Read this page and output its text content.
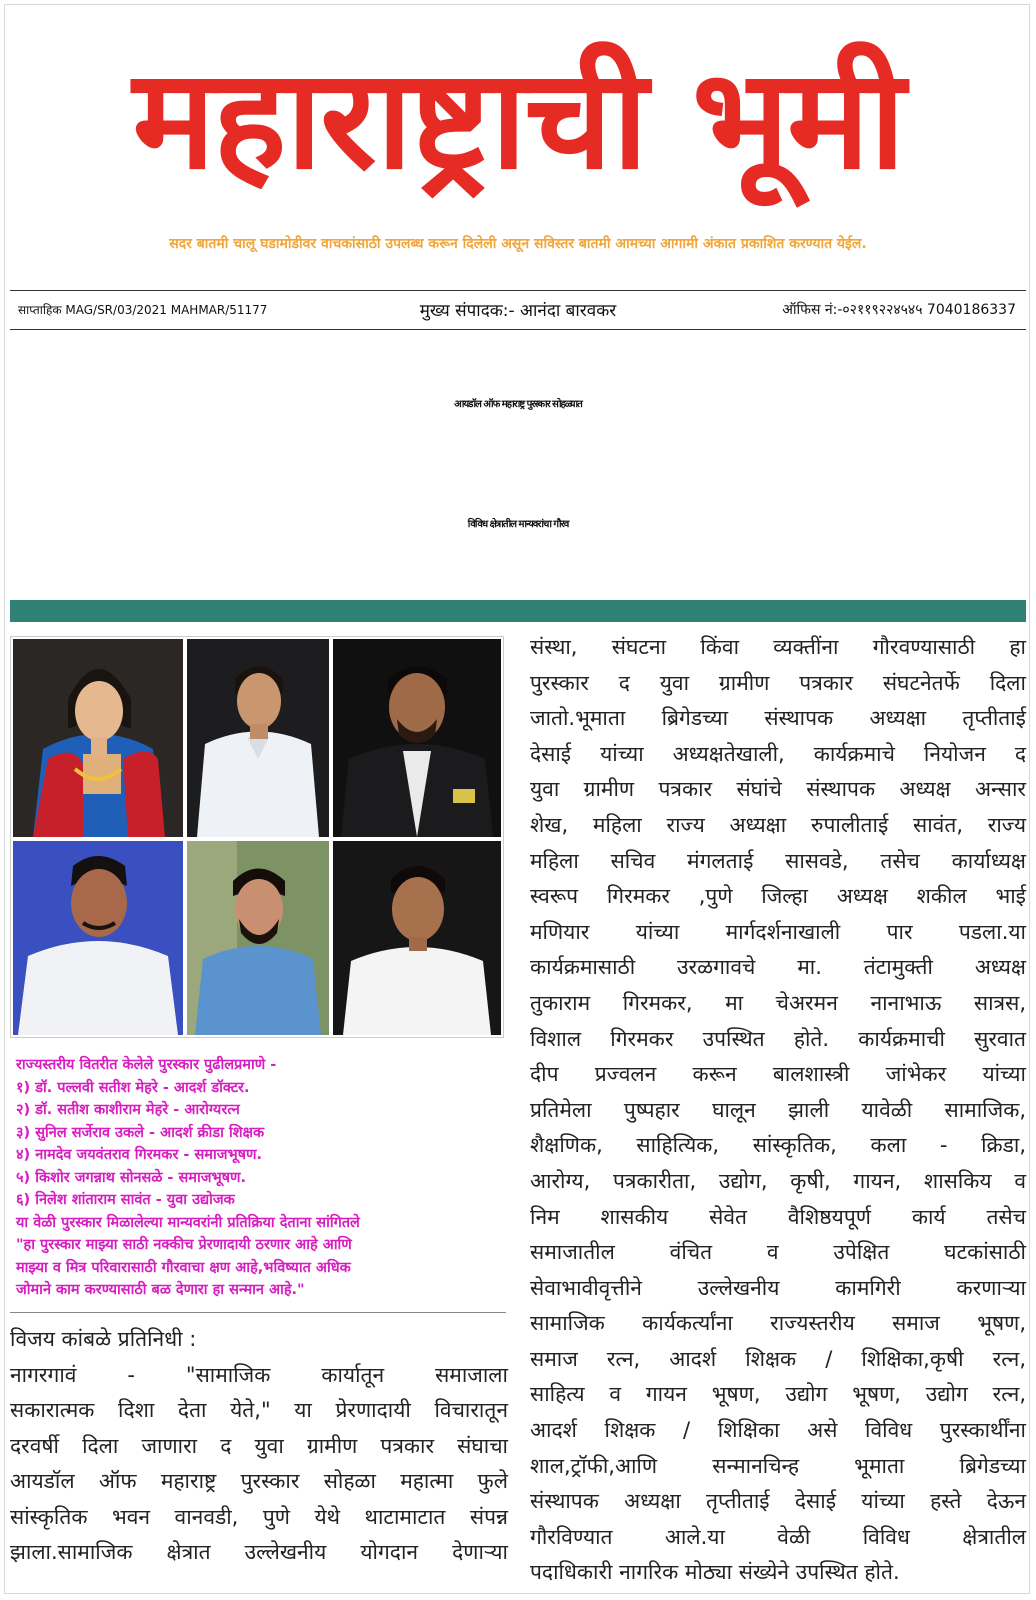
महाराष्ट्राची भूमी
सदर बातमी चालू घडामोडीवर वाचकांसाठी उपलब्ध करून दिलेली असून सविस्तर बातमी आमच्या आगामी अंकात प्रकाशित करण्यात येईल.
साप्ताहिक MAG/SR/03/2021 MAHMAR/51177	मुख्य संपादक:- आनंदा बारवकर	ऑफिस नं:-०२११९२२४५४५ 7040186337
आयडॉल ऑफ महाराष्ट्र पुरस्कार सोहळ्यात
विविध क्षेत्रातील मान्यवरांचा गौरव
राज्यस्तरीय वितरीत केलेले पुरस्कार पुढीलप्रमाणे -
१) डॉ. पल्लवी सतीश मेहरे - आदर्श डॉक्टर.
२) डॉ. सतीश काशीराम मेहरे - आरोग्यरत्न
३) सुनिल सर्जेराव उकले - आदर्श क्रीडा शिक्षक
४) नामदेव जयवंतराव गिरमकर - समाजभूषण.
५) किशोर जगन्नाथ सोनसळे - समाजभूषण.
६) निलेश शांताराम सावंत - युवा उद्योजक
या वेळी पुरस्कार मिळालेल्या मान्यवरांनी प्रतिक्रिया देताना सांगितले
"हा पुरस्कार माझ्या साठी नक्कीच प्रेरणादायी ठरणार आहे आणि
माझ्या व मित्र परिवारासाठी गौरवाचा क्षण आहे,भविष्यात अधिक
जोमाने काम करण्यासाठी बळ देणारा हा सन्मान आहे."
विजय कांबळे प्रतिनिधी :
नागरगावं - "सामाजिक कार्यातून समाजाला
सकारात्मक दिशा देता येते," या प्रेरणादायी विचारातून
दरवर्षी दिला जाणारा द युवा ग्रामीण पत्रकार संघाचा
आयडॉल ऑफ महाराष्ट्र पुरस्कार सोहळा महात्मा फुले
सांस्कृतिक भवन वानवडी, पुणे येथे थाटामाटात संपन्न
झाला.सामाजिक क्षेत्रात उल्लेखनीय योगदान देणाऱ्या
संस्था, संघटना किंवा व्यक्तींना गौरवण्यासाठी हा
पुरस्कार द युवा ग्रामीण पत्रकार संघटनेतर्फे दिला
जातो.भूमाता ब्रिगेडच्या संस्थापक अध्यक्षा तृप्तीताई
देसाई यांच्या अध्यक्षतेखाली, कार्यक्रमाचे नियोजन द
युवा ग्रामीण पत्रकार संघांचे संस्थापक अध्यक्ष अन्सार
शेख, महिला राज्य अध्यक्षा रुपालीताई सावंत, राज्य
महिला सचिव मंगलताई सासवडे, तसेच कार्याध्यक्ष
स्वरूप गिरमकर ,पुणे जिल्हा अध्यक्ष शकील भाई
मणियार यांच्या मार्गदर्शनाखाली पार पडला.या
कार्यक्रमासाठी उरळगावचे मा. तंटामुक्ती अध्यक्ष
तुकाराम गिरमकर, मा चेअरमन नानाभाऊ सात्रस,
विशाल गिरमकर उपस्थित होते. कार्यक्रमाची सुरवात
दीप प्रज्वलन करून बालशास्त्री जांभेकर यांच्या
प्रतिमेला पुष्पहार घालून झाली यावेळी सामाजिक,
शैक्षणिक, साहित्यिक, सांस्कृतिक, कला - क्रिडा,
आरोग्य, पत्रकारीता, उद्योग, कृषी, गायन, शासकिय व
निम शासकीय सेवेत वैशिष्ठयपूर्ण कार्य तसेच
समाजातील वंचित व उपेक्षित घटकांसाठी
सेवाभावीवृत्तीने उल्लेखनीय कामगिरी करणाऱ्या
सामाजिक कार्यकर्त्यांना राज्यस्तरीय समाज भूषण,
समाज रत्न, आदर्श शिक्षक / शिक्षिका,कृषी रत्न,
साहित्य व गायन भूषण, उद्योग भूषण, उद्योग रत्न,
आदर्श शिक्षक / शिक्षिका असे विविध पुरस्कार्थींना
शाल,ट्रॉफी,आणि सन्मानचिन्ह भूमाता ब्रिगेडच्या
संस्थापक अध्यक्षा तृप्तीताई देसाई यांच्या हस्ते देऊन
गौरविण्यात आले.या वेळी विविध क्षेत्रातील
पदाधिकारी नागरिक मोठ्या संख्येने उपस्थित होते.
